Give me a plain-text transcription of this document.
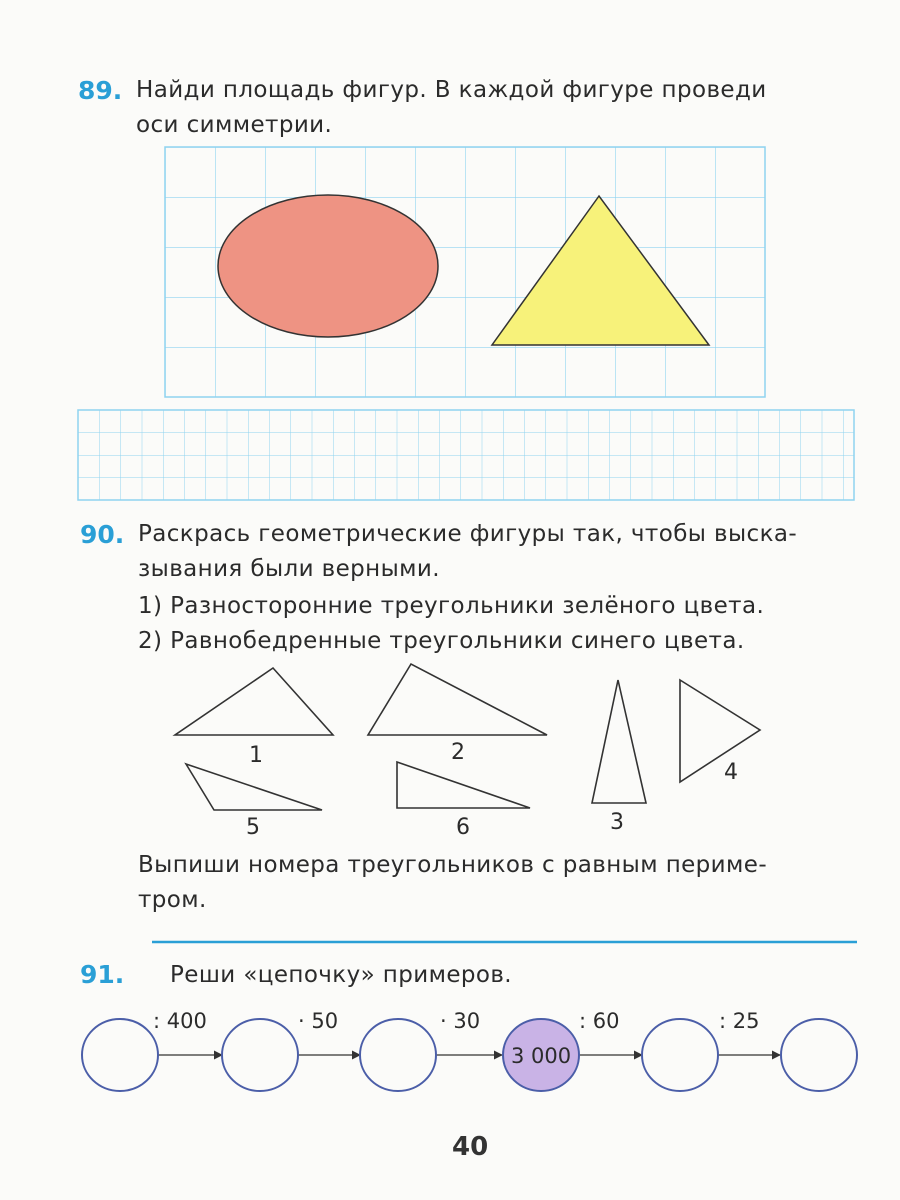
89. Найди площадь фигур. В каждой фигуре проведи
оси симметрии.
1	2
3
4
5	6
3 000
: 400	· 50	· 30	: 60	: 25
90. Раскрась геометрические фигуры так, чтобы выска-
зывания были верными.
1) Разносторонние треугольники зелёного цвета.
2) Равнобедренные треугольники синего цвета.
Выпиши номера треугольников с равным периме-
тром.
91. Реши «цепочку» примеров.
40
